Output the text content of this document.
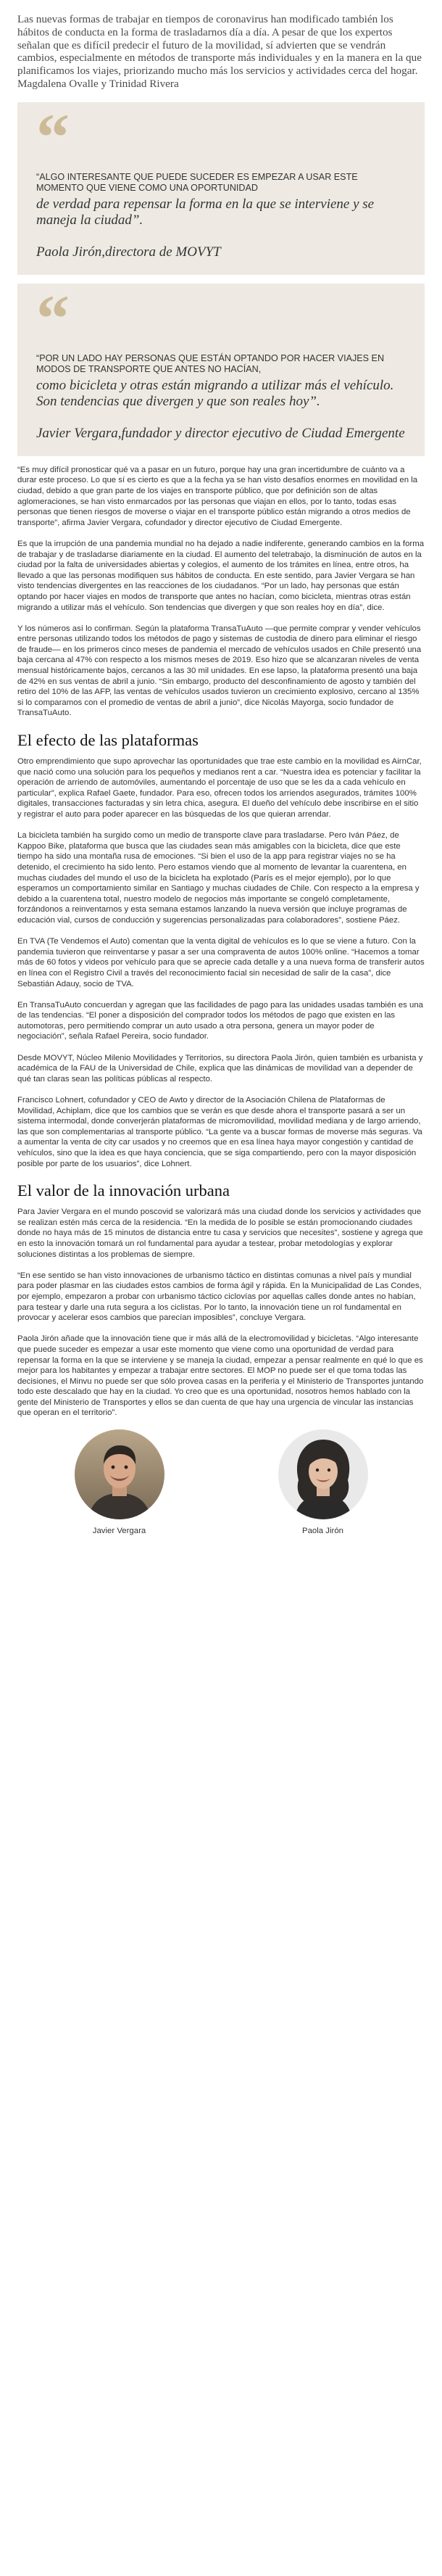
Las nuevas formas de trabajar en tiempos de coronavirus han modificado también los hábitos de conducta en la forma de trasladarnos día a día. A pesar de que los expertos señalan que es difícil predecir el futuro de la movilidad, sí advierten que se vendrán cambios, especialmente en métodos de transporte más individuales y en la manera en la que planificamos los viajes, priorizando mucho más los servicios y actividades cerca del hogar. Magdalena Ovalle y Trinidad Rivera

“

“ALGO INTERESANTE QUE PUEDE SUCEDER ES EMPEZAR A USAR ESTE MOMENTO QUE VIENE COMO UNA OPORTUNIDAD

de verdad para repensar la forma en la que se interviene y se maneja la ciudad”.

Paola Jirón,directora de MOVYT

“

“POR UN LADO HAY PERSONAS QUE ESTÁN OPTANDO POR HACER VIAJES EN MODOS DE TRANSPORTE QUE ANTES NO HACÍAN,

como bicicleta y otras están migrando a utilizar más el vehículo. Son tendencias que divergen y que son reales hoy”.

Javier Vergara,fundador y director ejecutivo de Ciudad Emergente

“Es muy difícil pronosticar qué va a pasar en un futuro, porque hay una gran incertidumbre de cuánto va a durar este proceso. Lo que sí es cierto es que a la fecha ya se han visto desafíos enormes en movilidad en la ciudad, debido a que gran parte de los viajes en transporte público, que por definición son de altas aglomeraciones, se han visto enmarcados por las personas que viajan en ellos, por lo tanto, todas esas personas que tienen riesgos de moverse o viajar en el transporte público están migrando a otros medios de transporte”, afirma Javier Vergara, cofundador y director ejecutivo de Ciudad Emergente.

Es que la irrupción de una pandemia mundial no ha dejado a nadie indiferente, generando cambios en la forma de trabajar y de trasladarse diariamente en la ciudad. El aumento del teletrabajo, la disminución de autos en la ciudad por la falta de universidades abiertas y colegios, el aumento de los trámites en línea, entre otros, ha llevado a que las personas modifiquen sus hábitos de conducta. En este sentido, para Javier Vergara se han visto tendencias divergentes en las reacciones de los ciudadanos. “Por un lado, hay personas que están optando por hacer viajes en modos de transporte que antes no hacían, como bicicleta, mientras otras están migrando a utilizar más el vehículo. Son tendencias que divergen y que son reales hoy en día”, dice.

Y los números así lo confirman. Según la plataforma TransaTuAuto —que permite comprar y vender vehículos entre personas utilizando todos los métodos de pago y sistemas de custodia de dinero para eliminar el riesgo de fraude— en los primeros cinco meses de pandemia el mercado de vehículos usados en Chile presentó una baja cercana al 47% con respecto a los mismos meses de 2019. Eso hizo que se alcanzaran niveles de venta mensual históricamente bajos, cercanos a las 30 mil unidades. En ese lapso, la plataforma presentó una baja de 42% en sus ventas de abril a junio. “Sin embargo, producto del desconfinamiento de agosto y también del retiro del 10% de las AFP, las ventas de vehículos usados tuvieron un crecimiento explosivo, cercano al 135% si lo comparamos con el promedio de ventas de abril a junio”, dice Nicolás Mayorga, socio fundador de TransaTuAuto.

El efecto de las plataformas

Otro emprendimiento que supo aprovechar las oportunidades que trae este cambio en la movilidad es AirnCar, que nació como una solución para los pequeños y medianos rent a car. “Nuestra idea es potenciar y facilitar la operación de arriendo de automóviles, aumentando el porcentaje de uso que se les da a cada vehículo en particular”, explica Rafael Gaete, fundador. Para eso, ofrecen todos los arriendos asegurados, trámites 100% digitales, transacciones facturadas y sin letra chica, asegura. El dueño del vehículo debe inscribirse en el sitio y registrar el auto para poder aparecer en las búsquedas de los que quieran arrendar.

La bicicleta también ha surgido como un medio de transporte clave para trasladarse. Pero Iván Páez, de Kappoo Bike, plataforma que busca que las ciudades sean más amigables con la bicicleta, dice que este tiempo ha sido una montaña rusa de emociones. “Si bien el uso de la app para registrar viajes no se ha detenido, el crecimiento ha sido lento. Pero estamos viendo que al momento de levantar la cuarentena, en muchas ciudades del mundo el uso de la bicicleta ha explotado (París es el mejor ejemplo), por lo que esperamos un comportamiento similar en Santiago y muchas ciudades de Chile. Con respecto a la empresa y debido a la cuarentena total, nuestro modelo de negocios más importante se congeló completamente, forzándonos a reinventarnos y esta semana estamos lanzando la nueva versión que incluye programas de educación vial, cursos de conducción y sugerencias personalizadas para colaboradores”, sostiene Páez.

En TVA (Te Vendemos el Auto) comentan que la venta digital de vehículos es lo que se viene a futuro. Con la pandemia tuvieron que reinventarse y pasar a ser una compraventa de autos 100% online. “Hacemos a tomar más de 60 fotos y videos por vehículo para que se aprecie cada detalle y a una nueva forma de transferir autos en línea con el Registro Civil a través del reconocimiento facial sin necesidad de salir de la casa”, dice Sebastián Adauy, socio de TVA.

En TransaTuAuto concuerdan y agregan que las facilidades de pago para las unidades usadas también es una de las tendencias. “El poner a disposición del comprador todos los métodos de pago que existen en las automotoras, pero permitiendo comprar un auto usado a otra persona, genera un mayor poder de negociación”, señala Rafael Pereira, socio fundador.

Desde MOVYT, Núcleo Milenio Movilidades y Territorios, su directora Paola Jirón, quien también es urbanista y académica de la FAU de la Universidad de Chile, explica que las dinámicas de movilidad van a depender de qué tan claras sean las políticas públicas al respecto.

Francisco Lohnert, cofundador y CEO de Awto y director de la Asociación Chilena de Plataformas de Movilidad, Achiplam, dice que los cambios que se verán es que desde ahora el transporte pasará a ser un sistema intermodal, donde converjerán plataformas de micromovilidad, movilidad mediana y de largo arriendo, las que son complementarias al transporte público. “La gente va a buscar formas de moverse más seguras. Va a aumentar la venta de city car usados y no creemos que en esa línea haya mayor congestión y cantidad de vehículos, sino que la idea es que haya conciencia, que se siga compartiendo, pero con la mayor disposición posible por parte de los usuarios”, dice Lohnert.

El valor de la innovación urbana

Para Javier Vergara en el mundo poscovid se valorizará más una ciudad donde los servicios y actividades que se realizan estén más cerca de la residencia. “En la medida de lo posible se están promocionando ciudades donde no haya más de 15 minutos de distancia entre tu casa y servicios que necesites”, sostiene y agrega que en esto la innovación tomará un rol fundamental para ayudar a testear, probar metodologías y explorar soluciones distintas a los problemas de siempre.

“En ese sentido se han visto innovaciones de urbanismo táctico en distintas comunas a nivel país y mundial para poder plasmar en las ciudades estos cambios de forma ágil y rápida. En la Municipalidad de Las Condes, por ejemplo, empezaron a probar con urbanismo táctico ciclovías por aquellas calles donde antes no habían, para testear y darle una ruta segura a los ciclistas. Por lo tanto, la innovación tiene un rol fundamental en provocar y acelerar esos cambios que parecían imposibles”, concluye Vergara.

Paola Jirón añade que la innovación tiene que ir más allá de la electromovilidad y bicicletas. “Algo interesante que puede suceder es empezar a usar este momento que viene como una oportunidad de verdad para repensar la forma en la que se interviene y se maneja la ciudad, empezar a pensar realmente en qué lo que es mejor para los habitantes y empezar a trabajar entre sectores. El MOP no puede ser el que toma todas las decisiones, el Minvu no puede ser que sólo provea casas en la periferia y el Ministerio de Transportes juntando todo este descalado que hay en la ciudad. Yo creo que es una oportunidad, nosotros hemos hablado con la gente del Ministerio de Transportes y ellos se dan cuenta de que hay una urgencia de vincular las instancias que operan en el territorio”.

Javier Vergara	Paola Jirón
